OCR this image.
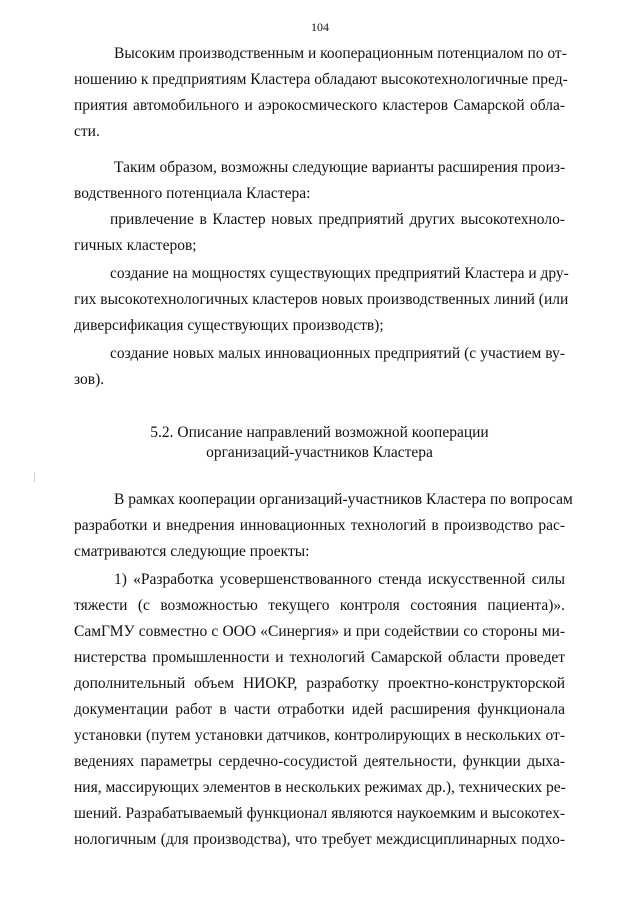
104
Высоким производственным и кооперационным потенциалом по от-
ношению к предприятиям Кластера обладают высокотехнологичные пред-
приятия автомобильного и аэрокосмического кластеров Самарской обла-
сти.
Таким образом, возможны следующие варианты расширения произ-
водственного потенциала Кластера:
привлечение в Кластер новых предприятий других высокотехноло-
гичных кластеров;
создание на мощностях существующих предприятий Кластера и дру-
гих высокотехнологичных кластеров новых производственных линий (или
диверсификация существующих производств);
создание новых малых инновационных предприятий (с участием ву-
зов).
5.2. Описание направлений возможной кооперации
организаций-участников Кластера
В рамках кооперации организаций-участников Кластера по вопросам
разработки и внедрения инновационных технологий в производство рас-
сматриваются следующие проекты:
1) «Разработка усовершенствованного стенда искусственной силы
тяжести (с возможностью текущего контроля состояния пациента)».
СамГМУ совместно с ООО «Синергия» и при содействии со стороны ми-
нистерства промышленности и технологий Самарской области проведет
дополнительный объем НИОКР, разработку проектно-конструкторской
документации работ в части отработки идей расширения функционала
установки (путем установки датчиков, контролирующих в нескольких от-
ведениях параметры сердечно-сосудистой деятельности, функции дыха-
ния, массирующих элементов в нескольких режимах др.), технических ре-
шений. Разрабатываемый функционал являются наукоемким и высокотех-
нологичным (для производства), что требует междисциплинарных подхо-
